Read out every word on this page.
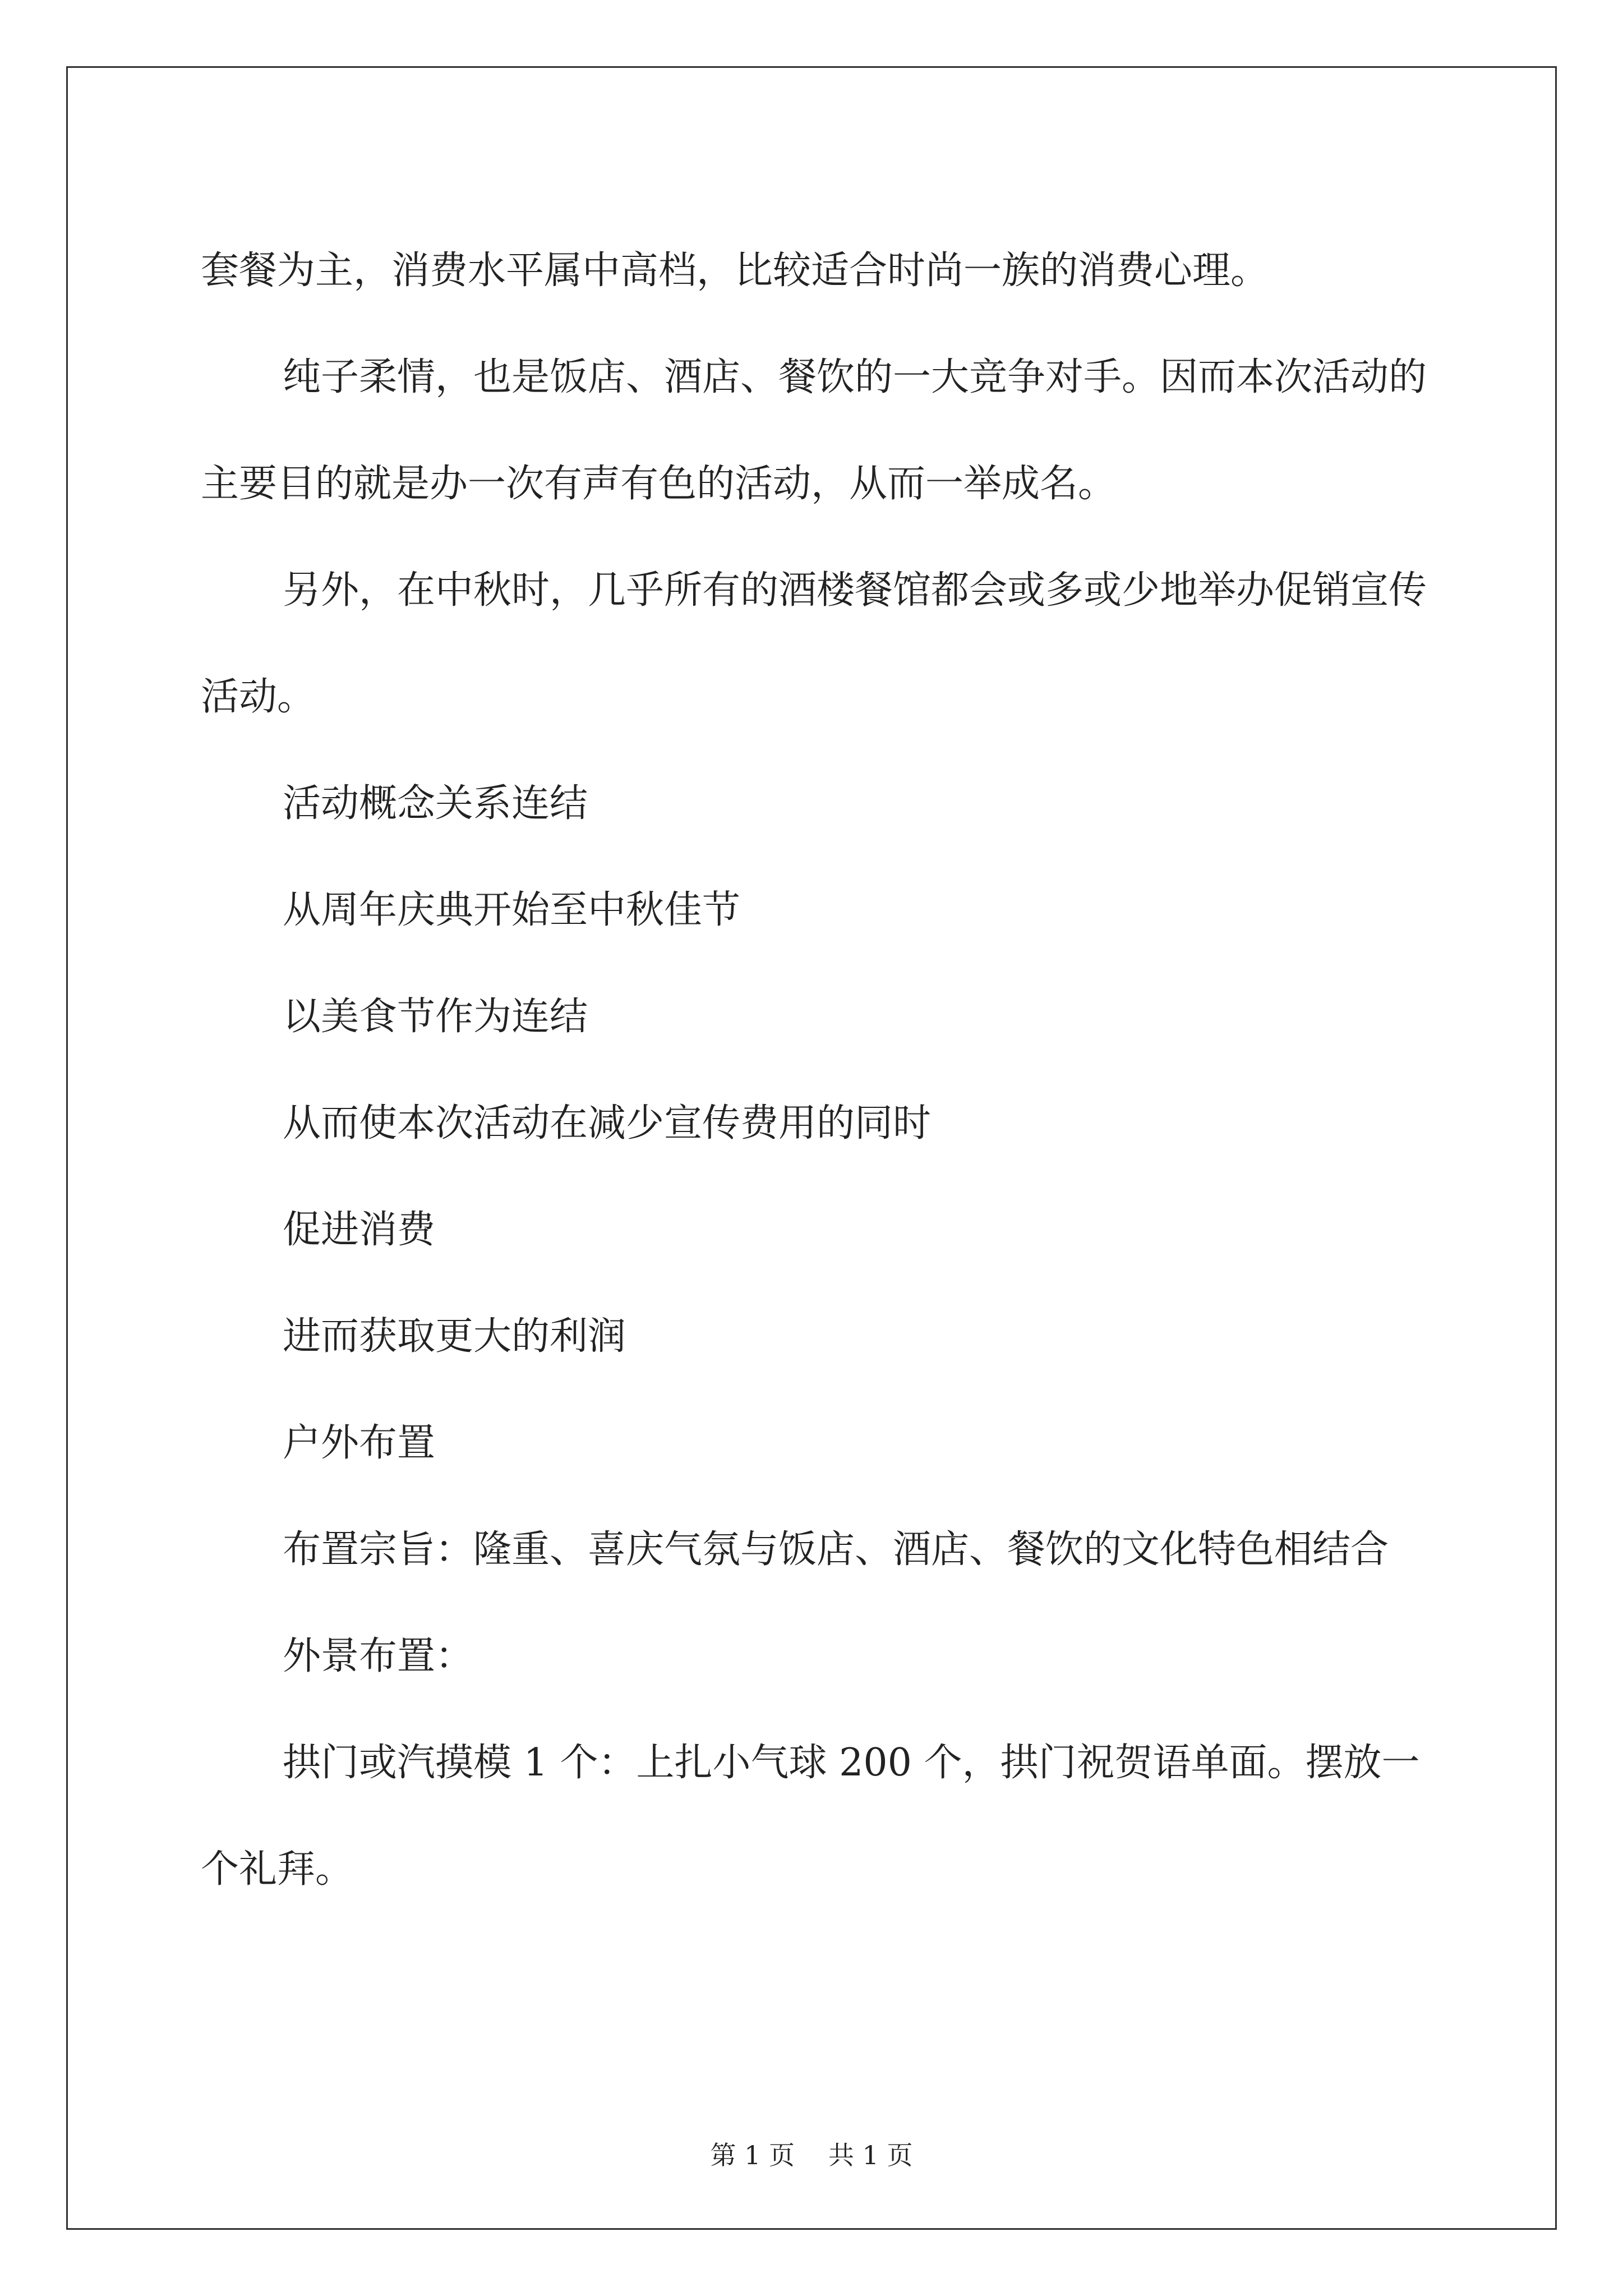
套餐为主，消费水平属中高档，比较适合时尚一族的消费心理。

纯子柔情，也是饭店、酒店、餐饮的一大竞争对手。因而本次活动的主要目的就是办一次有声有色的活动，从而一举成名。

另外，在中秋时，几乎所有的酒楼餐馆都会或多或少地举办促销宣传活动。

活动概念关系连结

从周年庆典开始至中秋佳节

以美食节作为连结

从而使本次活动在减少宣传费用的同时

促进消费

进而获取更大的利润

户外布置

布置宗旨：隆重、喜庆气氛与饭店、酒店、餐饮的文化特色相结合

外景布置：

拱门或汽摸模 1 个：上扎小气球 200 个，拱门祝贺语单面。摆放一个礼拜。

第 1 页 共 1 页
